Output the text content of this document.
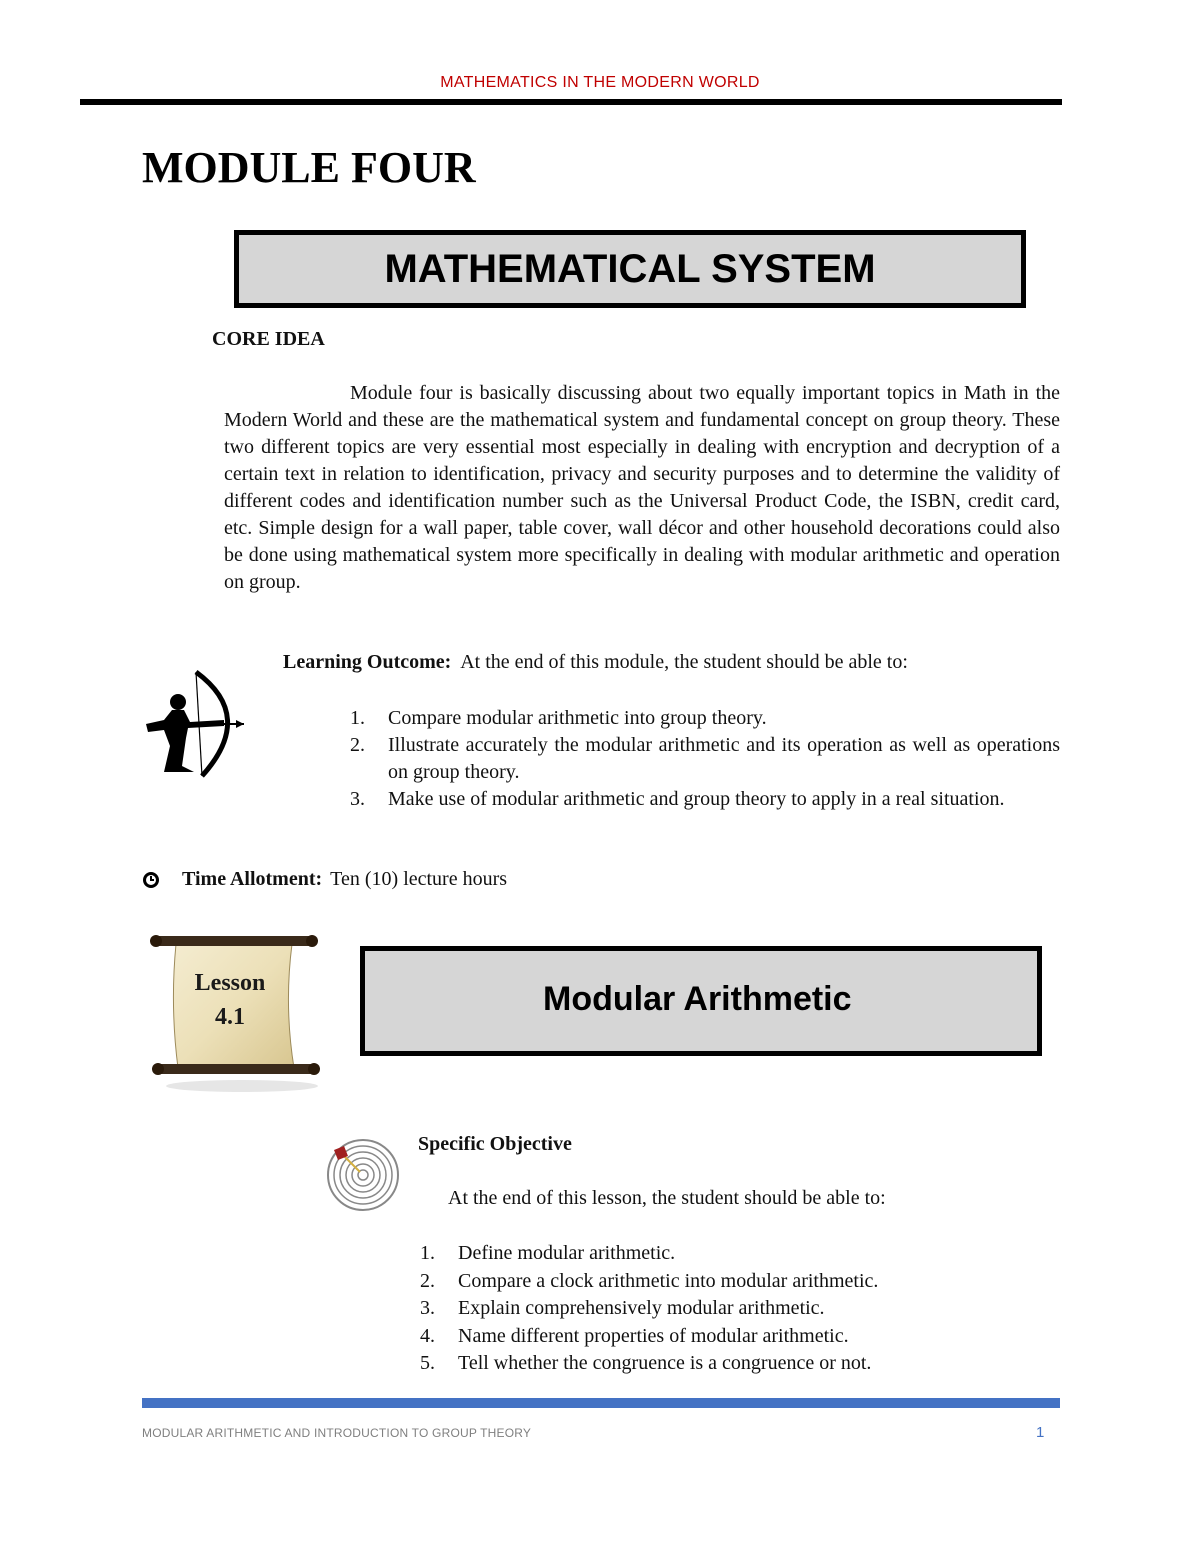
MATHEMATICS IN THE MODERN WORLD
MODULE FOUR
MATHEMATICAL SYSTEM
CORE IDEA
Module four is basically discussing about two equally important topics in Math in the Modern World and these are the mathematical system and fundamental concept on group theory. These two different topics are very essential most especially in dealing with encryption and decryption of a certain text in relation to identification, privacy and security purposes and to determine the validity of different codes and identification number such as the Universal Product Code, the ISBN, credit card, etc. Simple design for a wall paper, table cover, wall décor and other household decorations could also be done using mathematical system more specifically in dealing with modular arithmetic and operation on group.
Learning Outcome: At the end of this module, the student should be able to:
1.	Compare modular arithmetic into group theory.
2.	Illustrate accurately the modular arithmetic and its operation as well as operations on group theory.
3.	Make use of modular arithmetic and group theory to apply in a real situation.
Time Allotment: Ten (10) lecture hours
Lesson
4.1	Modular Arithmetic
Specific Objective
At the end of this lesson, the student should be able to:
1.	Define modular arithmetic.
2.	Compare a clock arithmetic into modular arithmetic.
3.	Explain comprehensively modular arithmetic.
4.	Name different properties of modular arithmetic.
5.	Tell whether the congruence is a congruence or not.
MODULAR ARITHMETIC AND INTRODUCTION TO GROUP THEORY	1
